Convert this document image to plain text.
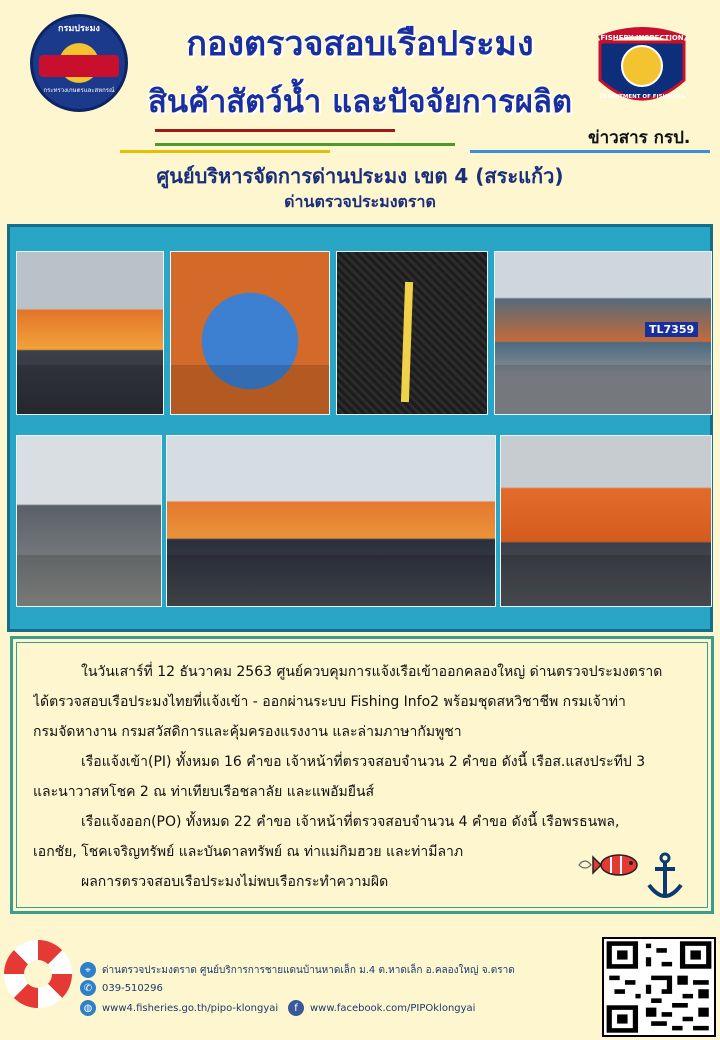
กรมประมง
กระทรวงเกษตรและสหกรณ์
กองตรวจสอบเรือประมง
สินค้าสัตว์น้ำ และปัจจัยการผลิต
FISHERY INSPECTION
DEPARTMENT OF FISHERIES
ข่าวสาร กรป.
ศูนย์บริหารจัดการด่านประมง เขต 4 (สระแก้ว)
ด่านตรวจประมงตราด
TL7359
ในวันเสาร์ที่ 12 ธันวาคม 2563 ศูนย์ควบคุมการแจ้งเรือเข้าออกคลองใหญ่ ด่านตรวจประมงตราด
ได้ตรวจสอบเรือประมงไทยที่แจ้งเข้า - ออกผ่านระบบ Fishing Info2 พร้อมชุดสหวิชาชีพ กรมเจ้าท่า
กรมจัดหางาน กรมสวัสดิการและคุ้มครองแรงงาน และล่ามภาษากัมพูชา
เรือแจ้งเข้า(PI) ทั้งหมด 16 คำขอ เจ้าหน้าที่ตรวจสอบจำนวน 2 คำขอ ดังนี้ เรือส.แสงประทีป 3
และนาวาสหโชค 2 ณ ท่าเทียบเรือชลาลัย และแพอัมยืนส์
เรือแจ้งออก(PO) ทั้งหมด 22 คำขอ เจ้าหน้าที่ตรวจสอบจำนวน 4 คำขอ ดังนี้ เรือพรธนพล,
เอกชัย, โชคเจริญทรัพย์ และบันดาลทรัพย์ ณ ท่าแม่กิมฮวย และท่ามีลาภ
ผลการตรวจสอบเรือประมงไม่พบเรือกระทำความผิด
⌖	ด่านตรวจประมงตราด ศูนย์บริการการชายแดนบ้านหาดเล็ก ม.4 ต.หาดเล็ก อ.คลองใหญ่ จ.ตราด
✆ 039-510296
◍ www4.fisheries.go.th/pipo-klongyai	f	www.facebook.com/PIPOklongyai
